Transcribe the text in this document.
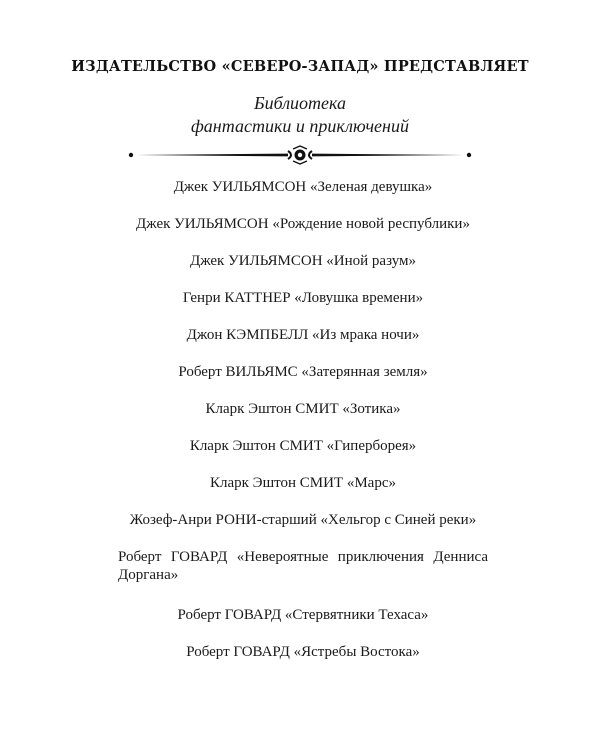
ИЗДАТЕЛЬСТВО «СЕВЕРО-ЗАПАД» ПРЕДСТАВЛЯЕТ
Библиотека
фантастики и приключений

Джек УИЛЬЯМСОН «Зеленая девушка»

Джек УИЛЬЯМСОН «Рождение новой республики»

Джек УИЛЬЯМСОН «Иной разум»

Генри КАТТНЕР «Ловушка времени»

Джон КЭМПБЕЛЛ «Из мрака ночи»

Роберт ВИЛЬЯМС «Затерянная земля»

Кларк Эштон СМИТ «Зотика»

Кларк Эштон СМИТ «Гиперборея»

Кларк Эштон СМИТ «Марс»

Жозеф-Анри РОНИ-старший «Хельгор с Синей реки»

Роберт ГОВАРД «Невероятные приключения Денниса Доргана»

Роберт ГОВАРД «Стервятники Техаса»

Роберт ГОВАРД «Ястребы Востока»
